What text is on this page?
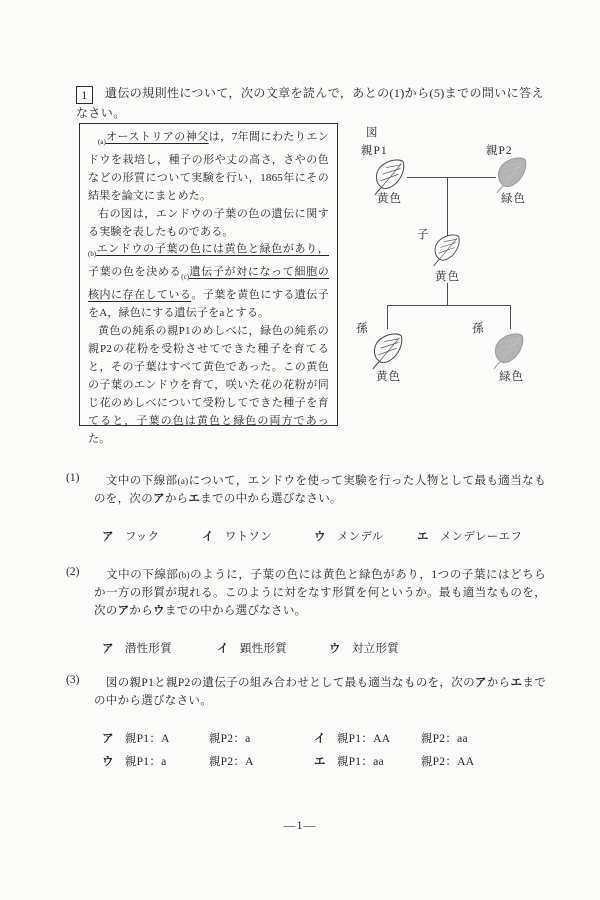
1 遺伝の規則性について，次の文章を読んで，あとの(1)から(5)までの問いに答えなさい。

$_{(a)}$オーストリアの神父は，7年間にわたりエンドウを栽培し，種子の形や丈の高さ，さやの色などの形質について実験を行い，1865年にその結果を論文にまとめた。

右の図は，エンドウの子葉の色の遺伝に関する実験を表したものである。

$_{(b)}$エンドウの子葉の色には黄色と緑色があり，子葉の色を決める$_{(c)}$遺伝子が対になって細胞の核内に存在している。子葉を黄色にする遺伝子をA，緑色にする遺伝子をaとする。

黄色の純系の親P1のめしべに，緑色の純系の親P2の花粉を受粉させてできた種子を育てると，その子葉はすべて黄色であった。この黄色の子葉のエンドウを育て，咲いた花の花粉が同じ花のめしべについて受粉してできた種子を育てると，子葉の色は黄色と緑色の両方であった。

図
親P1	親P2
黄色	緑色
子
黄色
孫	孫
黄色	緑色
(1) 　文中の下線部(a)について，エンドウを使って実験を行った人物として最も適当なものを，次のアからエまでの中から選びなさい。

ア フック	イ ワトソン	ウ メンデル	エ メンデレーエフ
(2) 　文中の下線部(b)のように，子葉の色には黄色と緑色があり，1つの子葉にはどちらか一方の形質が現れる。このように対をなす形質を何というか。最も適当なものを，次のアからウまでの中から選びなさい。

ア 潜性形質	イ 顕性形質	ウ 対立形質
(3) 　図の親P1と親P2の遺伝子の組み合わせとして最も適当なものを，次のアからエまでの中から選びなさい。

ア 親P1：A	親P2：a	イ 親P1：AA	親P2：aa
ウ 親P1：a	親P2：A	エ 親P1：aa	親P2：AA
―1―
